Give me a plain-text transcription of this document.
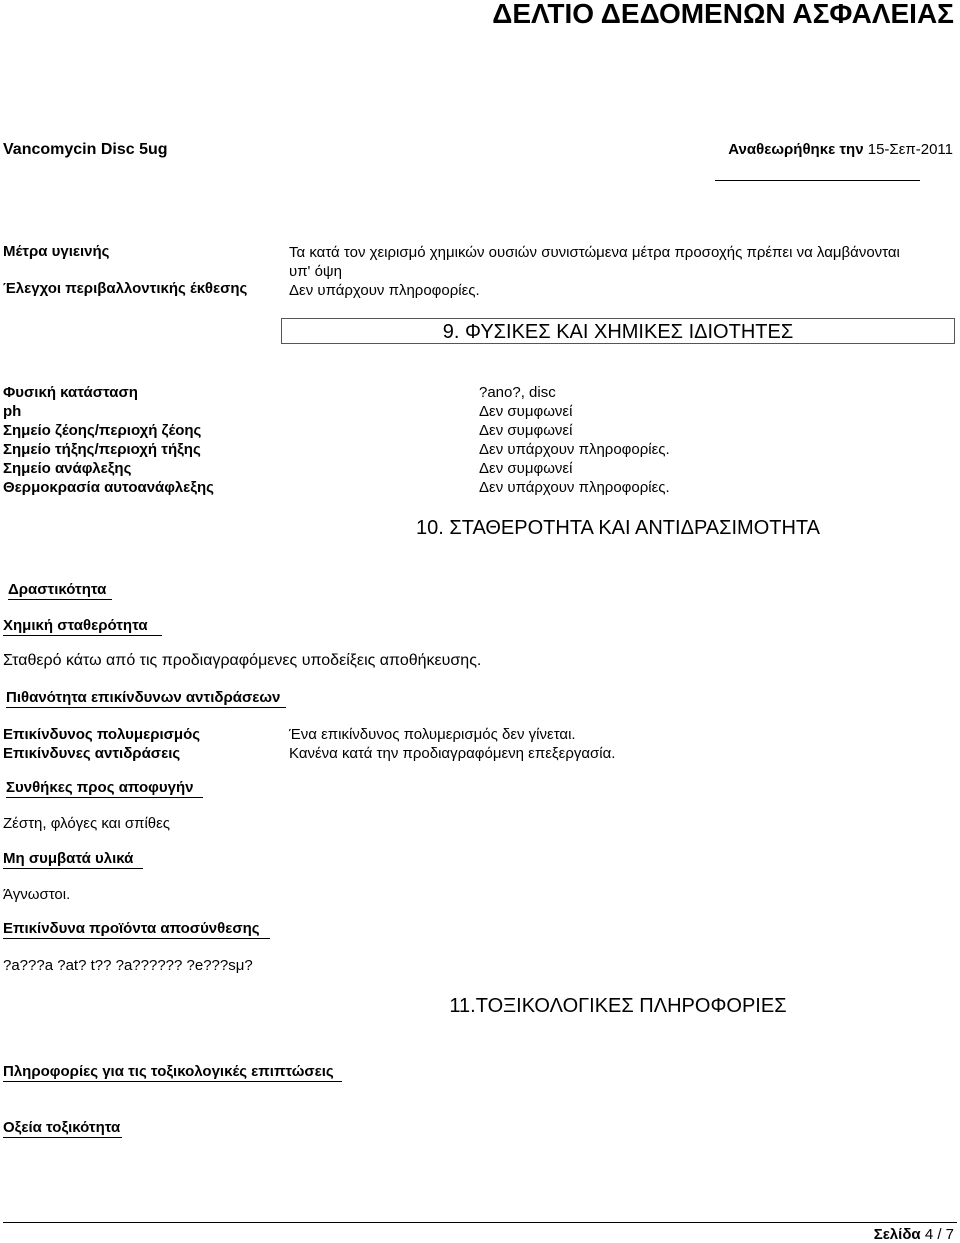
ΔΕΛΤΙΟ ΔΕΔΟΜΕΝΩΝ ΑΣΦΑΛΕΙΑΣ
Vancomycin Disc 5ug	Αναθεωρήθηκε την 15-Σεπ-2011
Μέτρα υγιεινής
Έλεγχοι περιβαλλοντικής έκθεσης
Τα κατά τον χειρισμό χημικών ουσιών συνιστώμενα μέτρα προσοχής πρέπει να λαμβάνονται
υπ' όψη
Δεν υπάρχουν πληροφορίες.
9. ΦΥΣΙΚΕΣ ΚΑΙ ΧΗΜΙΚΕΣ ΙΔΙΟΤΗΤΕΣ
Φυσική κατάσταση
ph
Σημείο ζέοης/περιοχή ζέοης
Σημείο τήξης/περιοχή τήξης
Σημείο ανάφλεξης
Θερμοκρασία αυτοανάφλεξης
?ano?, disc
Δεν συμφωνεί
Δεν συμφωνεί
Δεν υπάρχουν πληροφορίες.
Δεν συμφωνεί
Δεν υπάρχουν πληροφορίες.
10. ΣΤΑΘΕΡΟΤΗΤΑ ΚΑΙ ΑΝΤΙΔΡΑΣΙΜΟΤΗΤΑ
Δραστικότητα
Χημική σταθερότητα
Σταθερό κάτω από τις προδιαγραφόμενες υποδείξεις αποθήκευσης.
Πιθανότητα επικίνδυνων αντιδράσεων
Επικίνδυνος πολυμερισμός
Επικίνδυνες αντιδράσεις
Ένα επικίνδυνος πολυμερισμός δεν γίνεται.
Κανένα κατά την προδιαγραφόμενη επεξεργασία.
Συνθήκες προς αποφυγήν
Ζέστη, φλόγες και σπίθες
Μη συμβατά υλικά
Άγνωστοι.
Επικίνδυνα προϊόντα αποσύνθεσης
?a???a ?at? t?? ?a?????? ?e???sμ?
11.ΤΟΞΙΚΟΛΟΓΙΚΕΣ ΠΛΗΡΟΦΟΡΙΕΣ
Πληροφορίες για τις τοξικολογικές επιπτώσεις
Οξεία τοξικότητα
Σελίδα 4 / 7
